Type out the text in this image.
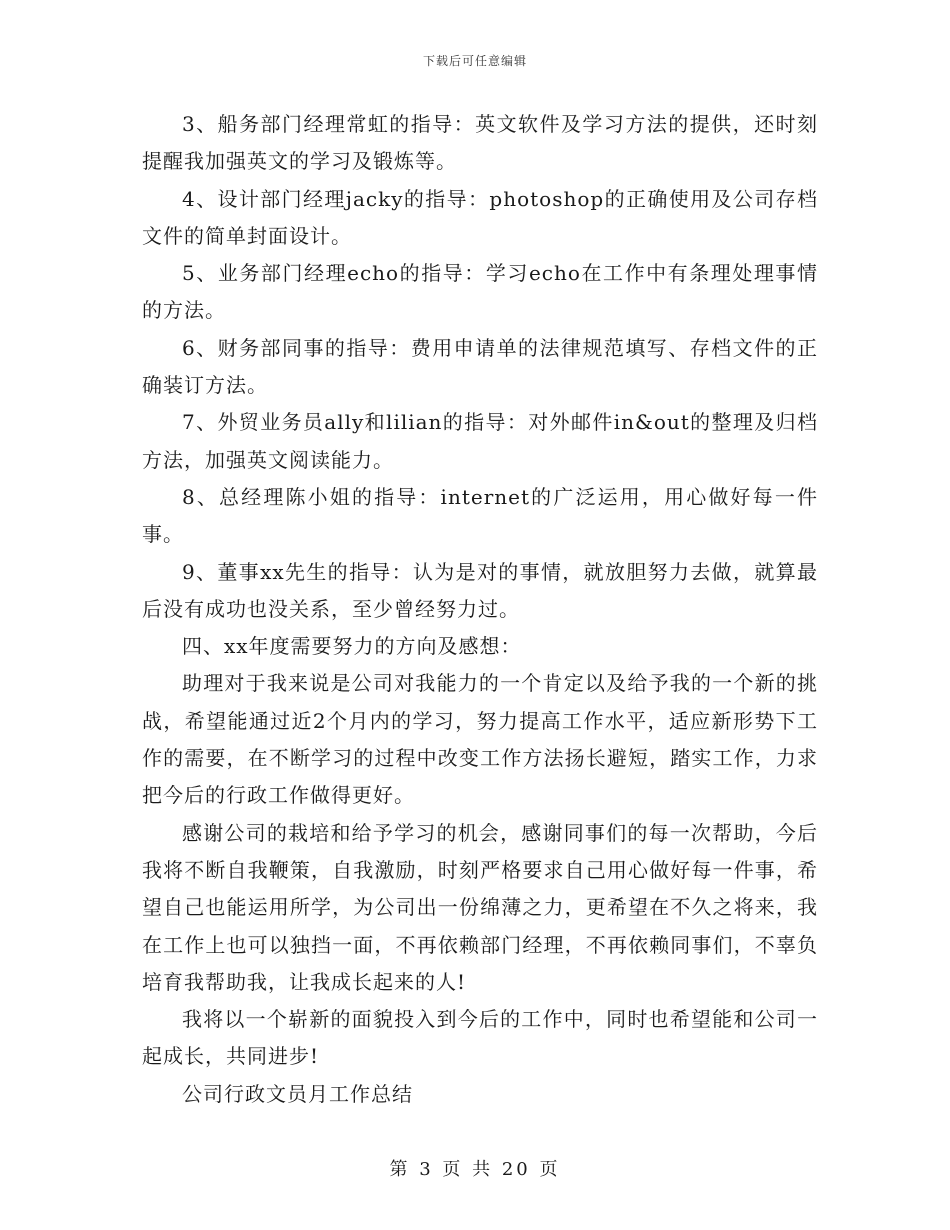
下载后可任意编辑

3、船务部门经理常虹的指导：英文软件及学习方法的提供，还时刻提醒我加强英文的学习及锻炼等。

4、设计部门经理jacky的指导：photoshop的正确使用及公司存档文件的简单封面设计。

5、业务部门经理echo的指导：学习echo在工作中有条理处理事情的方法。

6、财务部同事的指导：费用申请单的法律规范填写、存档文件的正确装订方法。

7、外贸业务员ally和lilian的指导：对外邮件in&out的整理及归档方法，加强英文阅读能力。

8、总经理陈小姐的指导：internet的广泛运用，用心做好每一件事。

9、董事xx先生的指导：认为是对的事情，就放胆努力去做，就算最后没有成功也没关系，至少曾经努力过。

四、xx年度需要努力的方向及感想：

助理对于我来说是公司对我能力的一个肯定以及给予我的一个新的挑战，希望能通过近2个月内的学习，努力提高工作水平，适应新形势下工作的需要，在不断学习的过程中改变工作方法扬长避短，踏实工作，力求把今后的行政工作做得更好。

感谢公司的栽培和给予学习的机会，感谢同事们的每一次帮助，今后我将不断自我鞭策，自我激励，时刻严格要求自己用心做好每一件事，希望自己也能运用所学，为公司出一份绵薄之力，更希望在不久之将来，我在工作上也可以独挡一面，不再依赖部门经理，不再依赖同事们，不辜负培育我帮助我，让我成长起来的人!

我将以一个崭新的面貌投入到今后的工作中，同时也希望能和公司一起成长，共同进步!

公司行政文员月工作总结

第 3 页 共 20 页
